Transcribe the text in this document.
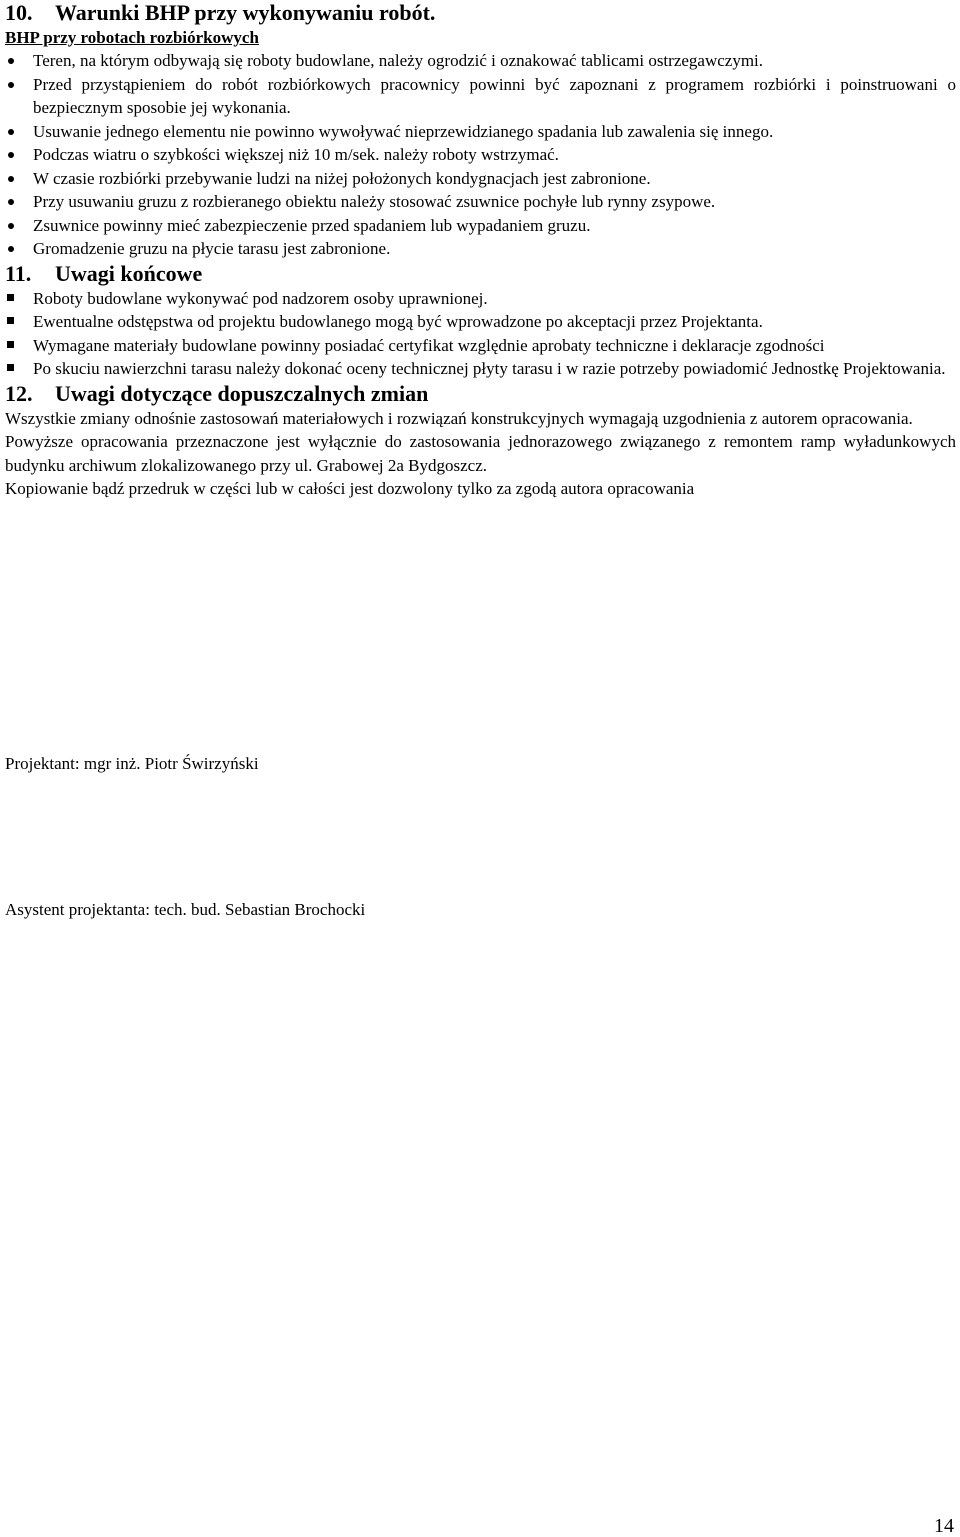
10.	Warunki BHP przy wykonywaniu robót.

BHP przy robotach rozbiórkowych

Teren, na którym odbywają się roboty budowlane, należy ogrodzić i oznakować tablicami ostrzegawczymi.
Przed przystąpieniem do robót rozbiórkowych pracownicy powinni być zapoznani z programem rozbiórki i poinstruowani o bezpiecznym sposobie jej wykonania.
Usuwanie jednego elementu nie powinno wywoływać nieprzewidzianego spadania lub zawalenia się innego.
Podczas wiatru o szybkości większej niż 10 m/sek. należy roboty wstrzymać.
W czasie rozbiórki przebywanie ludzi na niżej położonych kondygnacjach jest zabronione.
Przy usuwaniu gruzu z rozbieranego obiektu należy stosować zsuwnice pochyłe lub rynny zsypowe.
Zsuwnice powinny mieć zabezpieczenie przed spadaniem lub wypadaniem gruzu.
Gromadzenie gruzu na płycie tarasu jest zabronione.
11.	Uwagi końcowe
Roboty budowlane wykonywać pod nadzorem osoby uprawnionej.
Ewentualne odstępstwa od projektu budowlanego mogą być wprowadzone po akceptacji przez Projektanta.
Wymagane materiały budowlane powinny posiadać certyfikat względnie aprobaty techniczne i deklaracje zgodności
Po skuciu nawierzchni tarasu należy dokonać oceny technicznej płyty tarasu i w razie potrzeby powiadomić Jednostkę Projektowania.
12.	Uwagi dotyczące dopuszczalnych zmian

Wszystkie zmiany odnośnie zastosowań materiałowych i rozwiązań konstrukcyjnych wymagają uzgodnienia z autorem opracowania.

Powyższe opracowania przeznaczone jest wyłącznie do zastosowania jednorazowego związanego z remontem ramp wyładunkowych budynku archiwum zlokalizowanego przy ul. Grabowej 2a Bydgoszcz.

Kopiowanie bądź przedruk w części lub w całości jest dozwolony tylko za zgodą autora opracowania

Projektant: mgr inż. Piotr Świrzyński
Asystent projektanta: tech. bud. Sebastian Brochocki
14
